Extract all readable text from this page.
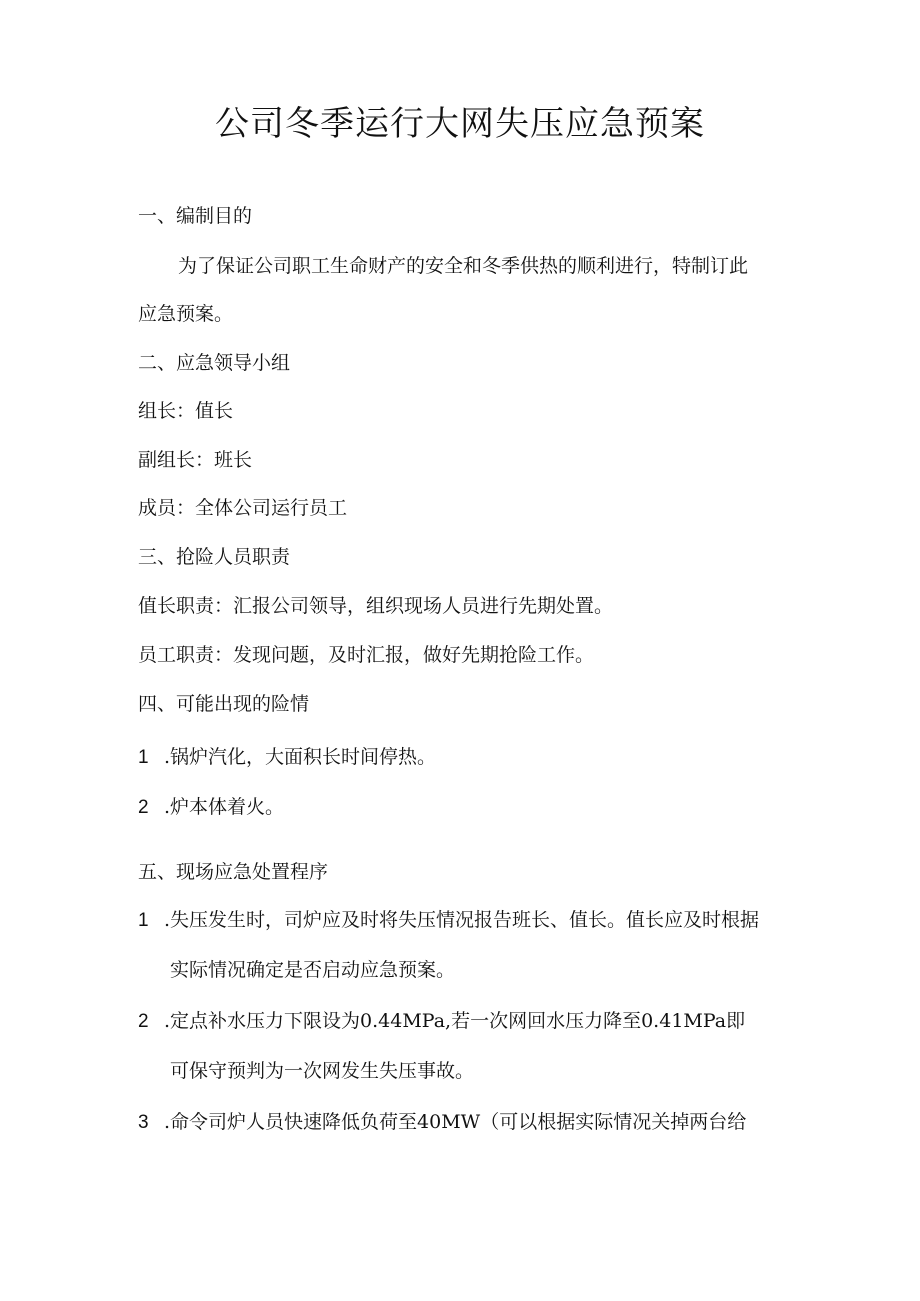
公司冬季运行大网失压应急预案
一、编制目的
为了保证公司职工生命财产的安全和冬季供热的顺利进行，特制订此
应急预案。
二、应急领导小组
组长：值长
副组长：班长
成员：全体公司运行员工
三、抢险人员职责
值长职责：汇报公司领导，组织现场人员进行先期处置。
员工职责：发现问题，及时汇报，做好先期抢险工作。
四、可能出现的险情
1 .锅炉汽化，大面积长时间停热。
2 .炉本体着火。
五、现场应急处置程序
1 .失压发生时，司炉应及时将失压情况报告班长、值长。值长应及时根据
实际情况确定是否启动应急预案。
2 .定点补水压力下限设为0.44MPa,若一次网回水压力降至0.41MPa即
可保守预判为一次网发生失压事故。
3 .命令司炉人员快速降低负荷至40MW（可以根据实际情况关掉两台给
